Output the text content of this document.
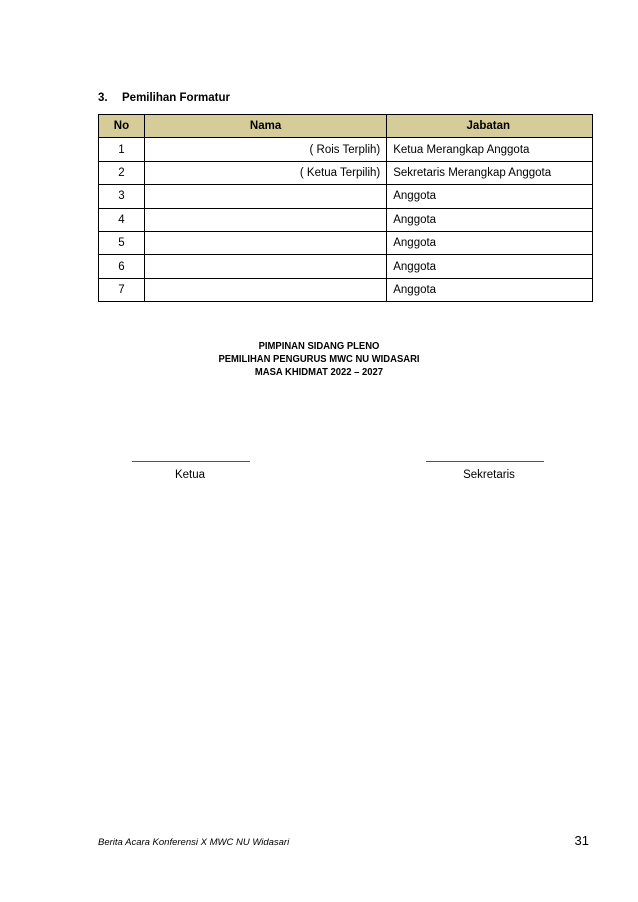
3. Pemilihan Formatur
No	Nama	Jabatan
1	( Rois Terplih)	Ketua Merangkap Anggota
2	( Ketua Terpilih)	Sekretaris Merangkap Anggota
3		Anggota
4		Anggota
5		Anggota
6		Anggota
7		Anggota
PIMPINAN SIDANG PLENO
PEMILIHAN PENGURUS MWC NU WIDASARI
MASA KHIDMAT 2022 – 2027
Ketua	Sekretaris
Berita Acara Konferensi X MWC NU Widasari	31
